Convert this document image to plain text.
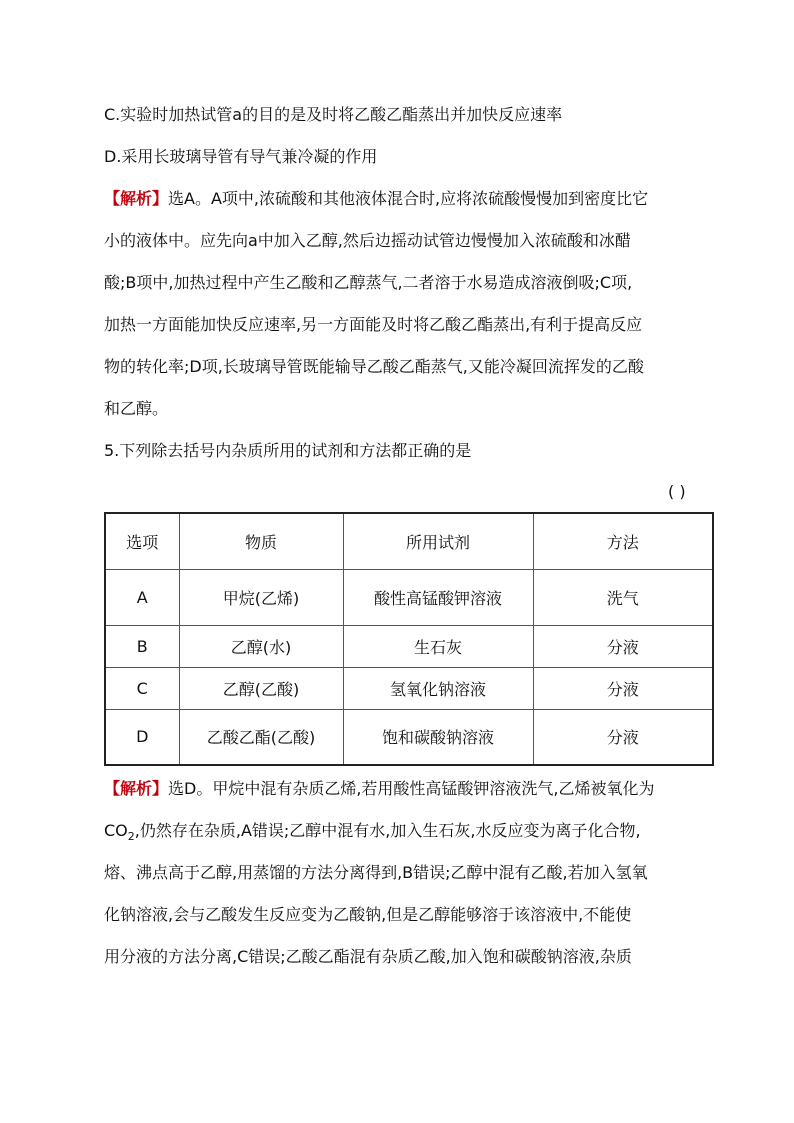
C.实验时加热试管a的目的是及时将乙酸乙酯蒸出并加快反应速率
D.采用长玻璃导管有导气兼冷凝的作用
【解析】选A。A项中,浓硫酸和其他液体混合时,应将浓硫酸慢慢加到密度比它
小的液体中。应先向a中加入乙醇,然后边摇动试管边慢慢加入浓硫酸和冰醋
酸;B项中,加热过程中产生乙酸和乙醇蒸气,二者溶于水易造成溶液倒吸;C项,
加热一方面能加快反应速率,另一方面能及时将乙酸乙酯蒸出,有利于提高反应
物的转化率;D项,长玻璃导管既能输导乙酸乙酯蒸气,又能冷凝回流挥发的乙酸
和乙醇。
5.下列除去括号内杂质所用的试剂和方法都正确的是
( )
选项	物质	所用试剂	方法
A	甲烷(乙烯)	酸性高锰酸钾溶液	洗气
B	乙醇(水)	生石灰	分液
C	乙醇(乙酸)	氢氧化钠溶液	分液
D	乙酸乙酯(乙酸)	饱和碳酸钠溶液	分液
【解析】选D。甲烷中混有杂质乙烯,若用酸性高锰酸钾溶液洗气,乙烯被氧化为
$CO_2$,仍然存在杂质,A错误;乙醇中混有水,加入生石灰,水反应变为离子化合物,
熔、沸点高于乙醇,用蒸馏的方法分离得到,B错误;乙醇中混有乙酸,若加入氢氧
化钠溶液,会与乙酸发生反应变为乙酸钠,但是乙醇能够溶于该溶液中,不能使
用分液的方法分离,C错误;乙酸乙酯混有杂质乙酸,加入饱和碳酸钠溶液,杂质
